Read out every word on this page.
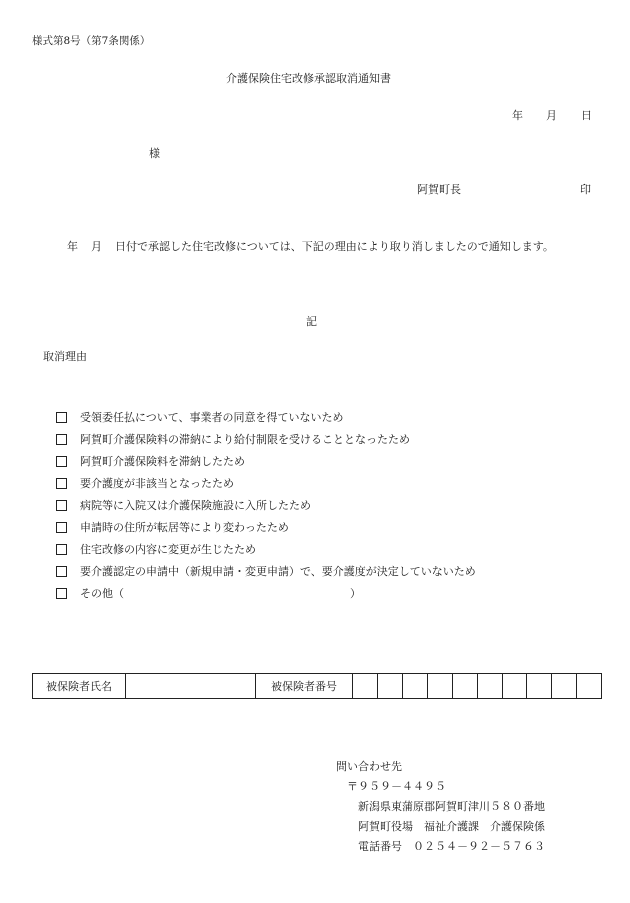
様式第8号（第7条関係）
介護保険住宅改修承認取消通知書
年 月 日
様
阿賀町長	印
年 月 日付で承認した住宅改修については、下記の理由により取り消しましたので通知します。
記
取消理由
受領委任払について、事業者の同意を得ていないため
阿賀町介護保険料の滞納により給付制限を受けることとなったため
阿賀町介護保険料を滞納したため
要介護度が非該当となったため
病院等に入院又は介護保険施設に入所したため
申請時の住所が転居等により変わったため
住宅改修の内容に変更が生じたため
要介護認定の申請中（新規申請・変更申請）で、要介護度が決定していないため
その他（	）
被保険者氏名		被保険者番号										
問い合わせ先
〒９５９－４４９５
新潟県東蒲原郡阿賀町津川５８０番地
阿賀町役場　福祉介護課　介護保険係
電話番号　０２５４－９２－５７６３
